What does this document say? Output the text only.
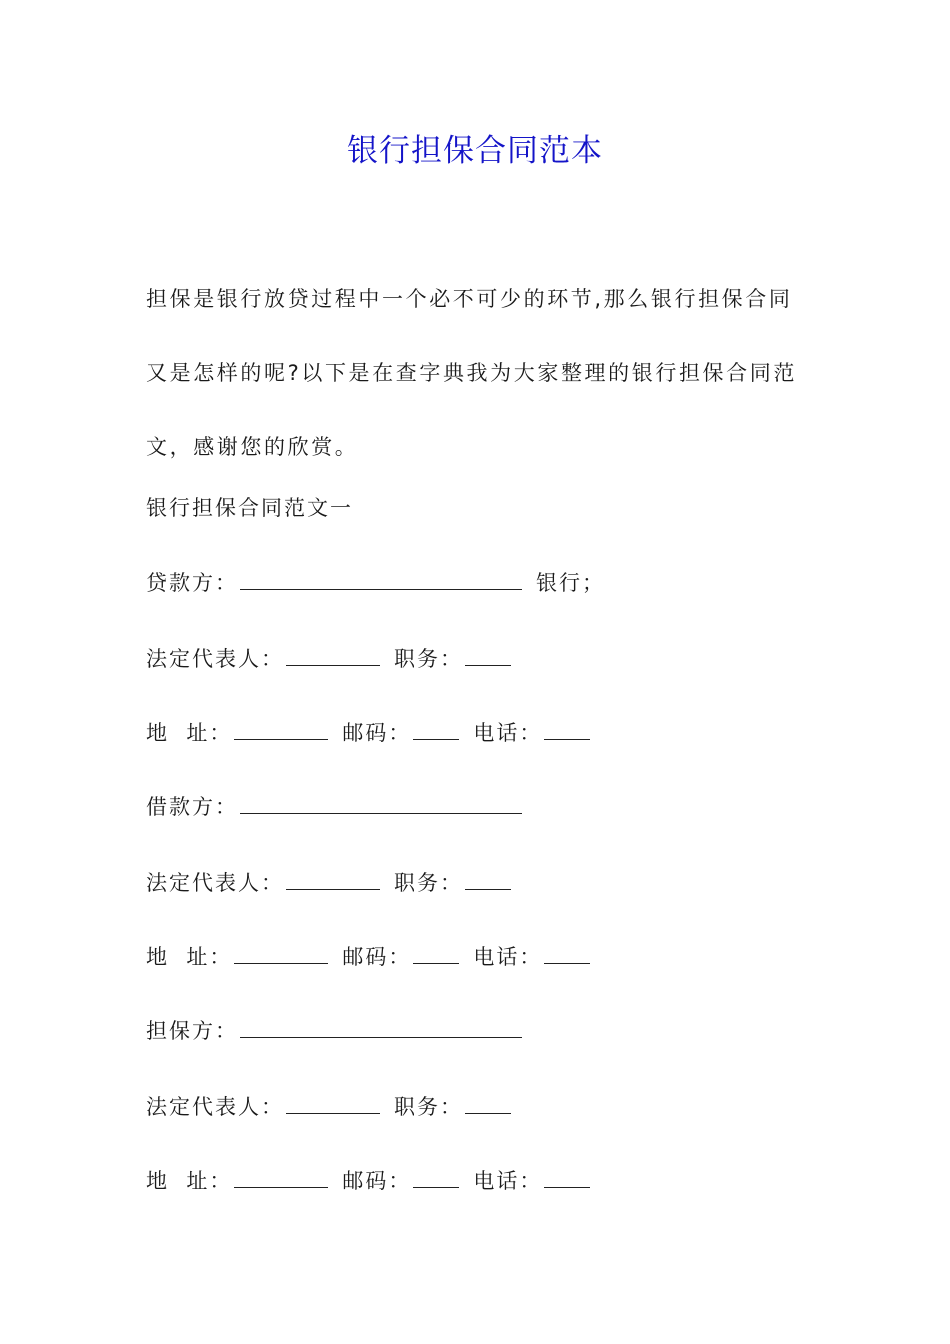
银行担保合同范本
担保是银行放贷过程中一个必不可少的环节,那么银行担保合同又是怎样的呢?以下是在查字典我为大家整理的银行担保合同范文，感谢您的欣赏。
银行担保合同范文一
贷款方：	银行；
法定代表人：	职务：
地  址：	邮码：	电话：
借款方：
法定代表人：	职务：
地  址：	邮码：	电话：
担保方：
法定代表人：	职务：
地  址：	邮码：	电话：
